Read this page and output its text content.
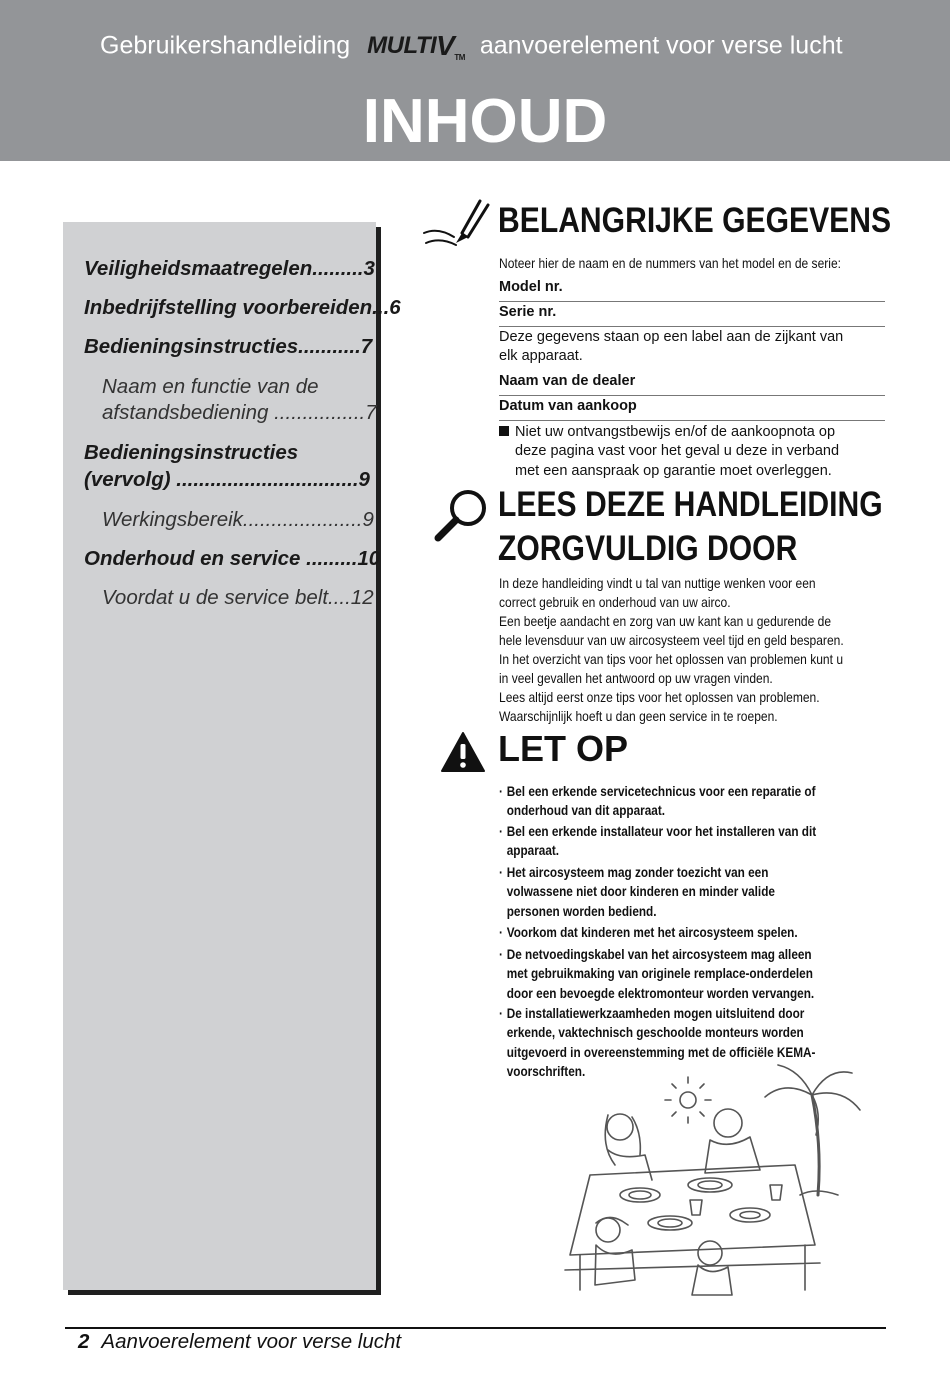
Gebruikershandleiding MULTIVTM aanvoerelement voor verse lucht
INHOUD
Veiligheidsmaatregelen.........3
Inbedrijfstelling voorbereiden...6
Bedieningsinstructies...........7
Naam en functie van de
afstandsbediening ................7
Bedieningsinstructies
(vervolg) ................................9
Werkingsbereik.....................9
Onderhoud en service .........10
Voordat u de service belt....12
BELANGRIJKE GEGEVENS
Noteer hier de naam en de nummers van het model en de serie:
Model nr.
Serie nr.
Deze gegevens staan op een label aan de zijkant van
elk apparaat.
Naam van de dealer
Datum van aankoop
Niet uw ontvangstbewijs en/of de aankoopnota op
deze pagina vast voor het geval u deze in verband
met een aanspraak op garantie moet overleggen.
LEES DEZE HANDLEIDING
ZORGVULDIG DOOR
In deze handleiding vindt u tal van nuttige wenken voor een
correct gebruik en onderhoud van uw airco.
Een beetje aandacht en zorg van uw kant kan u gedurende de
hele levensduur van uw aircosysteem veel tijd en geld besparen.
In het overzicht van tips voor het oplossen van problemen kunt u
in veel gevallen het antwoord op uw vragen vinden.
Lees altijd eerst onze tips voor het oplossen van problemen.
Waarschijnlijk hoeft u dan geen service in te roepen.
LET OP
· Bel een erkende servicetechnicus voor een reparatie of
onderhoud van dit apparaat.
· Bel een erkende installateur voor het installeren van dit
apparaat.
· Het aircosysteem mag zonder toezicht van een
volwassene niet door kinderen en minder valide
personen worden bediend.
· Voorkom dat kinderen met het aircosysteem spelen.
· De netvoedingskabel van het aircosysteem mag alleen
met gebruikmaking van originele remplace-onderdelen
door een bevoegde elektromonteur worden vervangen.
· De installatiewerkzaamheden mogen uitsluitend door
erkende, vaktechnisch geschoolde monteurs worden
uitgevoerd in overeenstemming met de officiële KEMA-
voorschriften.
2 Aanvoerelement voor verse lucht
